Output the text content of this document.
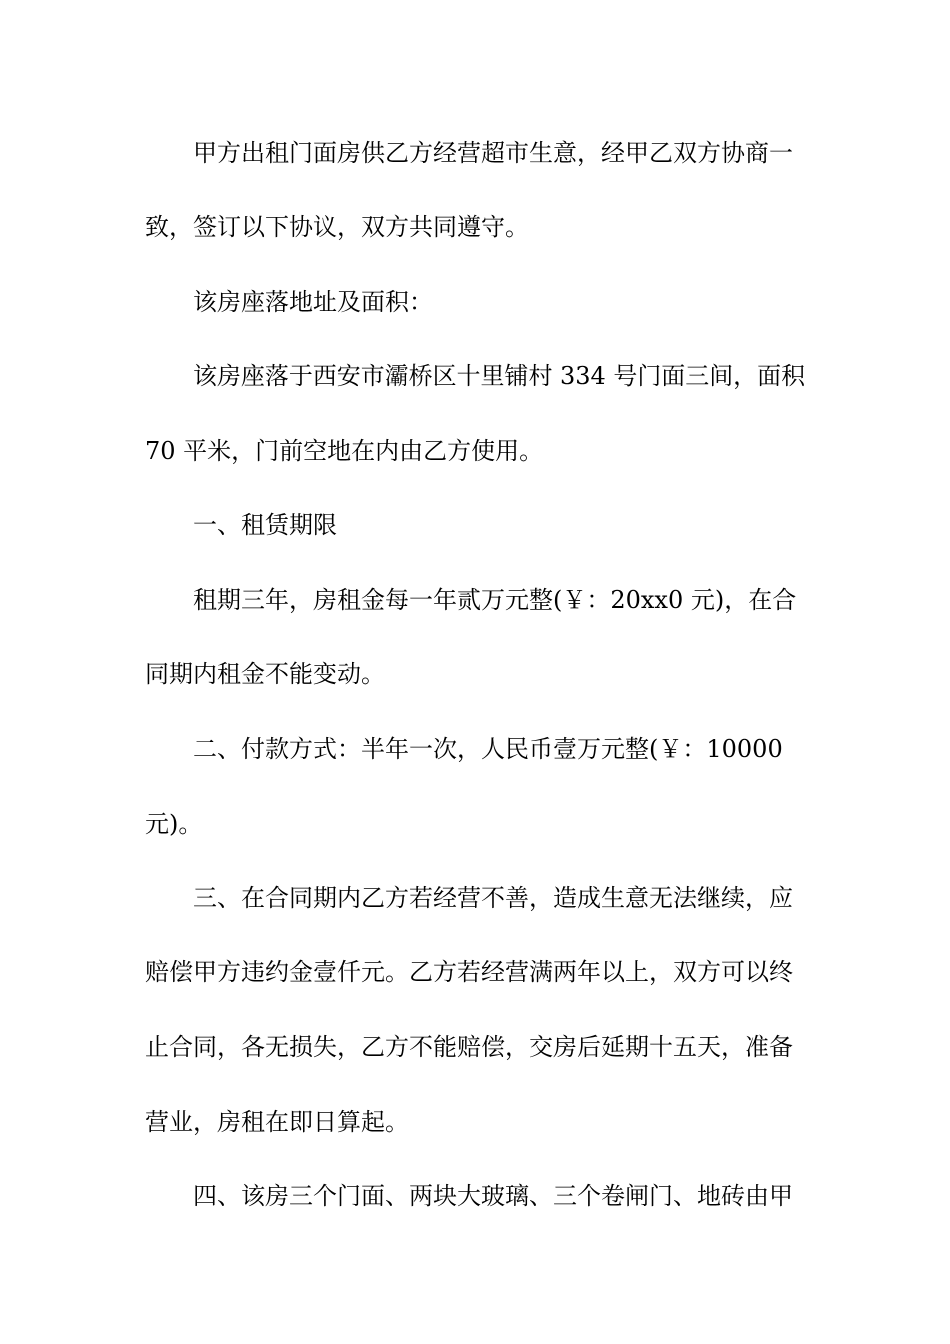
甲方出租门面房供乙方经营超市生意，经甲乙双方协商一

致，签订以下协议，双方共同遵守。

该房座落地址及面积：

该房座落于西安市灞桥区十里铺村 334 号门面三间，面积

70 平米，门前空地在内由乙方使用。

一、租赁期限

租期三年，房租金每一年贰万元整(￥：20xx0 元)，在合

同期内租金不能变动。

二、付款方式：半年一次，人民币壹万元整(￥：10000

元)。

三、在合同期内乙方若经营不善，造成生意无法继续，应

赔偿甲方违约金壹仟元。乙方若经营满两年以上，双方可以终

止合同，各无损失，乙方不能赔偿，交房后延期十五天，准备

营业，房租在即日算起。

四、该房三个门面、两块大玻璃、三个卷闸门、地砖由甲
